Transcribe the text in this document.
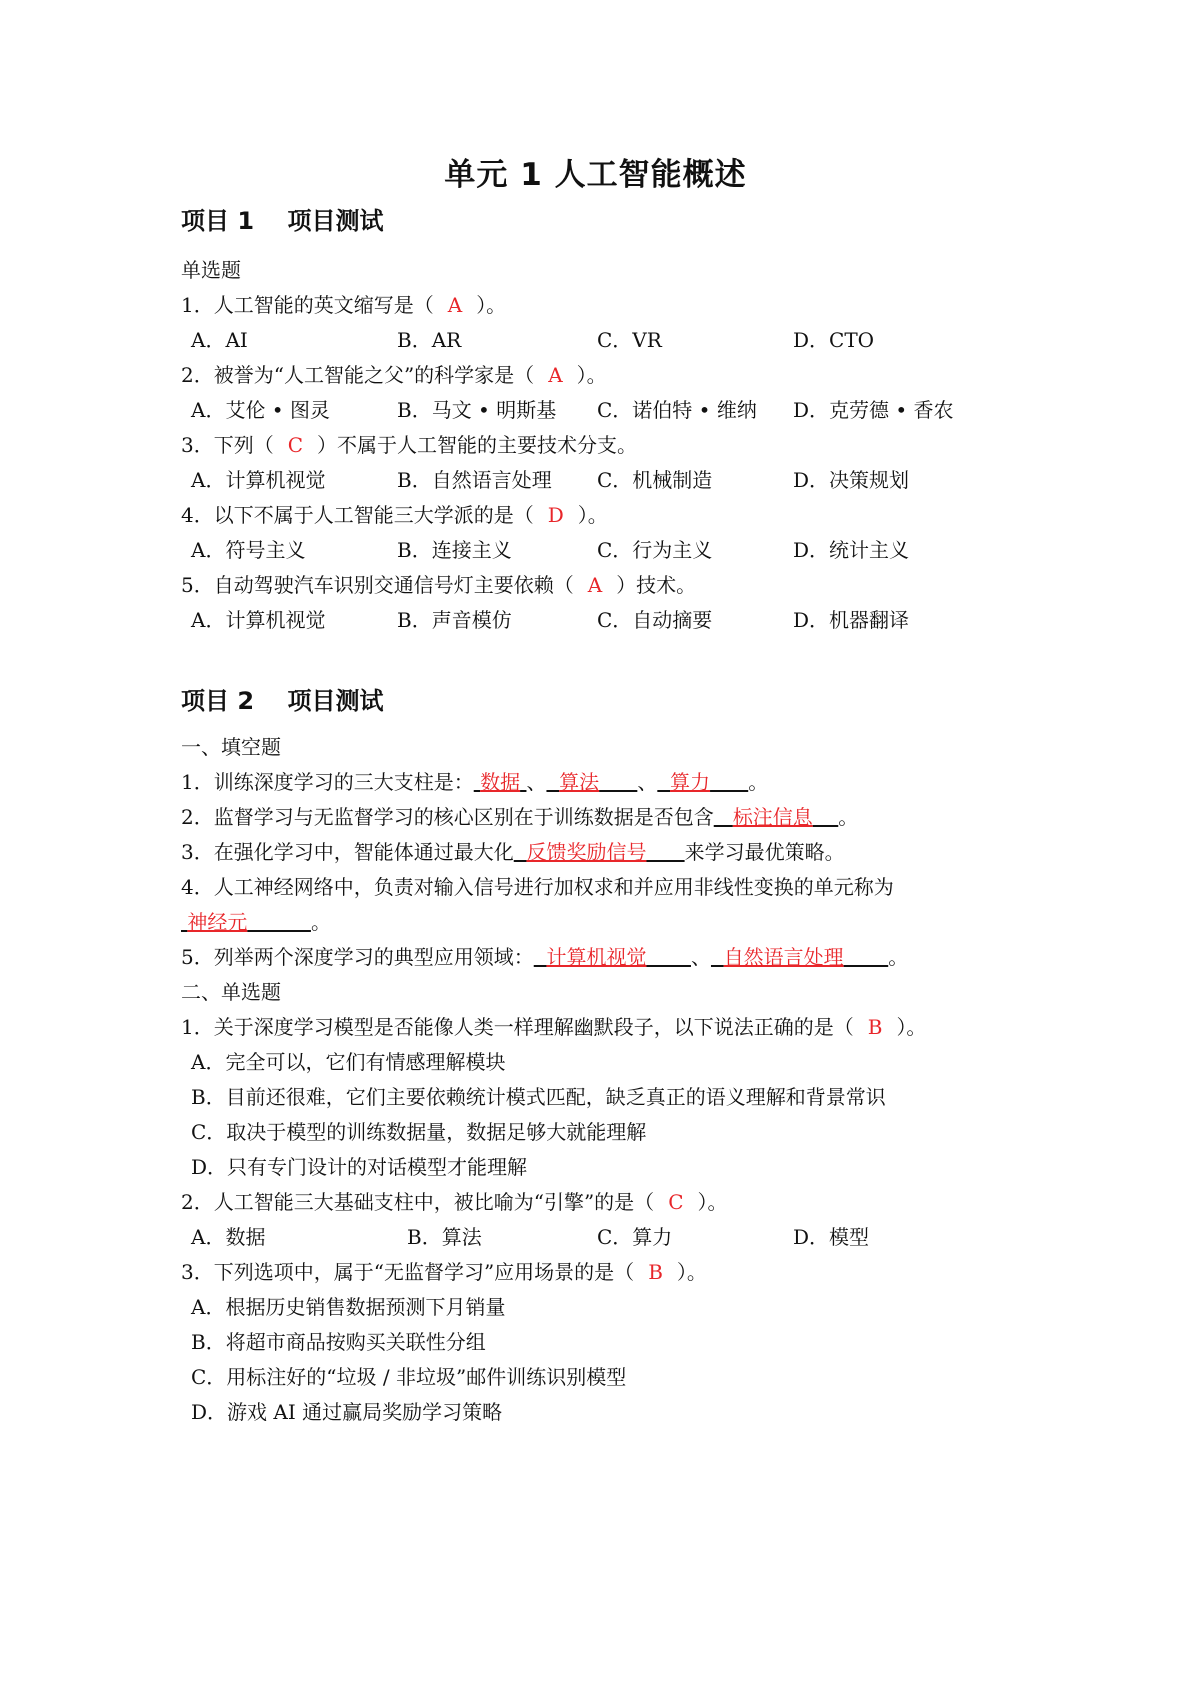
单元 1 人工智能概述
项目 1    项目测试
单选题
1．人工智能的英文缩写是（ A ）。
A．AI	B．AR	C．VR	D．CTO
2．被誉为“人工智能之父”的科学家是（ A ）。
A．艾伦 • 图灵	B．马文 • 明斯基 C．诺伯特 • 维纳 D．克劳德 • 香农
3．下列（ C ）不属于人工智能的主要技术分支。
A．计算机视觉	B．自然语言处理 C．机械制造	D．决策规划
4．以下不属于人工智能三大学派的是（ D ）。
A．符号主义	B．连接主义	C．行为主义	D．统计主义
5．自动驾驶汽车识别交通信号灯主要依赖（ A ）技术。
A．计算机视觉	B．声音模仿	C．自动摘要	D．机器翻译
项目 2    项目测试
一、填空题
1．训练深度学习的三大支柱是： 数据 、 算法 、 算力 。
2．监督学习与无监督学习的核心区别在于训练数据是否包含 标注信息 。
3．在强化学习中，智能体通过最大化 反馈奖励信号 来学习最优策略。
4．人工神经网络中，负责对输入信号进行加权求和并应用非线性变换的单元称为
神经元	。
5．列举两个深度学习的典型应用领域： 计算机视觉 、 自然语言处理 。
二、单选题
1．关于深度学习模型是否能像人类一样理解幽默段子，以下说法正确的是（ B ）。
A．完全可以，它们有情感理解模块
B．目前还很难，它们主要依赖统计模式匹配，缺乏真正的语义理解和背景常识
C．取决于模型的训练数据量，数据足够大就能理解
D．只有专门设计的对话模型才能理解
2．人工智能三大基础支柱中，被比喻为“引擎”的是（ C ）。
A．数据	B．算法	C．算力	D．模型
3．下列选项中，属于“无监督学习”应用场景的是（ B ）。
A．根据历史销售数据预测下月销量
B．将超市商品按购买关联性分组
C．用标注好的“垃圾 / 非垃圾”邮件训练识别模型
D．游戏 AI 通过赢局奖励学习策略
